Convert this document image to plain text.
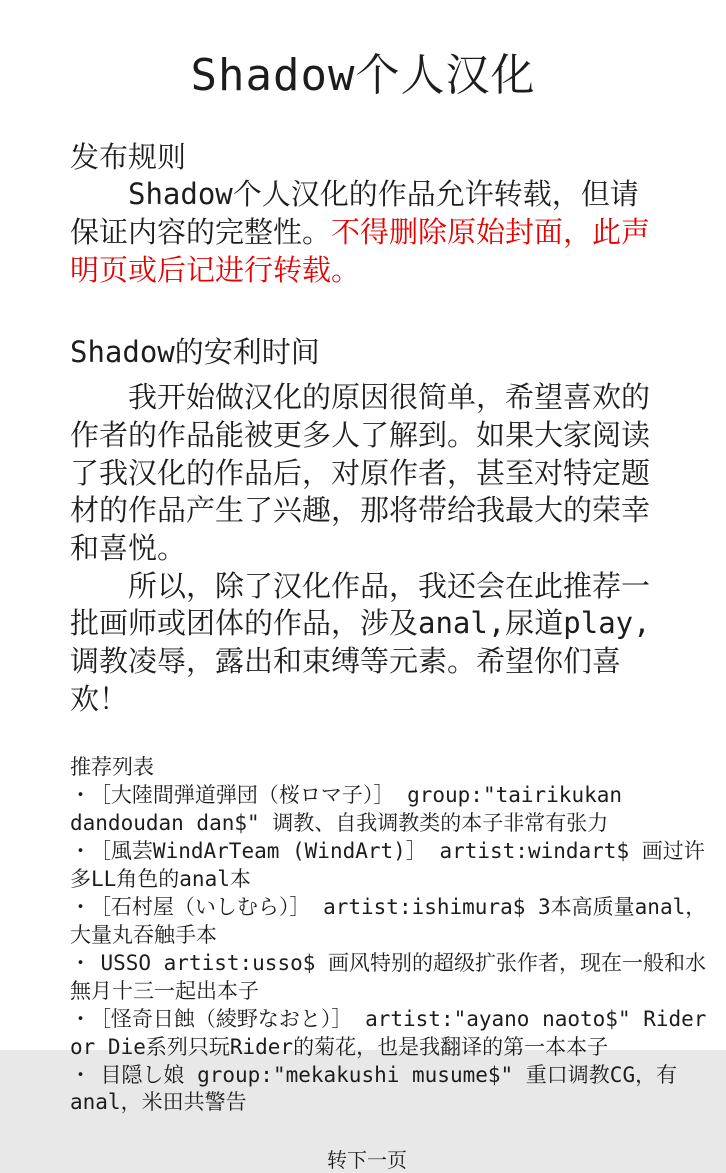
Shadow个人汉化
发布规则

Shadow个人汉化的作品允许转载，但请保证内容的完整性。不得删除原始封面，此声明页或后记进行转载。

Shadow的安利时间

我开始做汉化的原因很简单，希望喜欢的作者的作品能被更多人了解到。如果大家阅读了我汉化的作品后，对原作者，甚至对特定题材的作品产生了兴趣，那将带给我最大的荣幸和喜悦。

所以，除了汉化作品，我还会在此推荐一批画师或团体的作品，涉及anal,尿道play,调教凌辱，露出和束缚等元素。希望你们喜欢！

推荐列表

・ ［大陸間弾道弾団（桜ロマ子）］ group:"tairikukan dandoudan dan$" 调教、自我调教类的本子非常有张力

・ ［風芸WindArTeam (WindArt)］ artist:windart$ 画过许多LL角色的anal本

・ ［石村屋（いしむら）］ artist:ishimura$ 3本高质量anal，大量丸吞触手本

・ USSO artist:usso$ 画风特别的超级扩张作者，现在一般和水無月十三一起出本子

・ ［怪奇日蝕（綾野なおと）］ artist:"ayano naoto$" Rider or Die系列只玩Rider的菊花，也是我翻译的第一本本子

・ 目隠し娘 group:"mekakushi musume$" 重口调教CG，有anal，米田共警告

转下一页
